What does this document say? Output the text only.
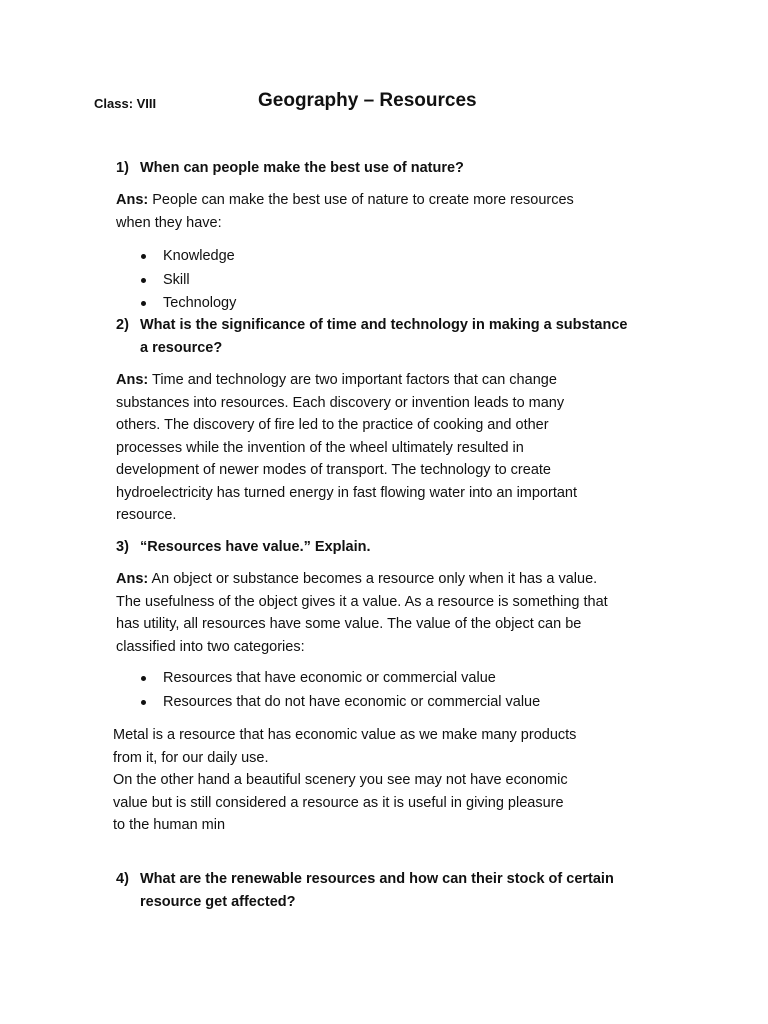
Class: VIII	Geography – Resources
1) When can people make the best use of nature?
Ans: People can make the best use of nature to create more resources
when they have:
Knowledge
Skill
Technology
2) What is the significance of time and technology in making a substance
a resource?
Ans: Time and technology are two important factors that can change
substances into resources. Each discovery or invention leads to many
others. The discovery of fire led to the practice of cooking and other
processes while the invention of the wheel ultimately resulted in
development of newer modes of transport. The technology to create
hydroelectricity has turned energy in fast flowing water into an important
resource.
3) “Resources have value.” Explain.
Ans: An object or substance becomes a resource only when it has a value.
The usefulness of the object gives it a value. As a resource is something that
has utility, all resources have some value. The value of the object can be
classified into two categories:
Resources that have economic or commercial value
Resources that do not have economic or commercial value
Metal is a resource that has economic value as we make many products
from it, for our daily use.
On the other hand a beautiful scenery you see may not have economic
value but is still considered a resource as it is useful in giving pleasure
to the human min
4) What are the renewable resources and how can their stock of certain
resource get affected?
